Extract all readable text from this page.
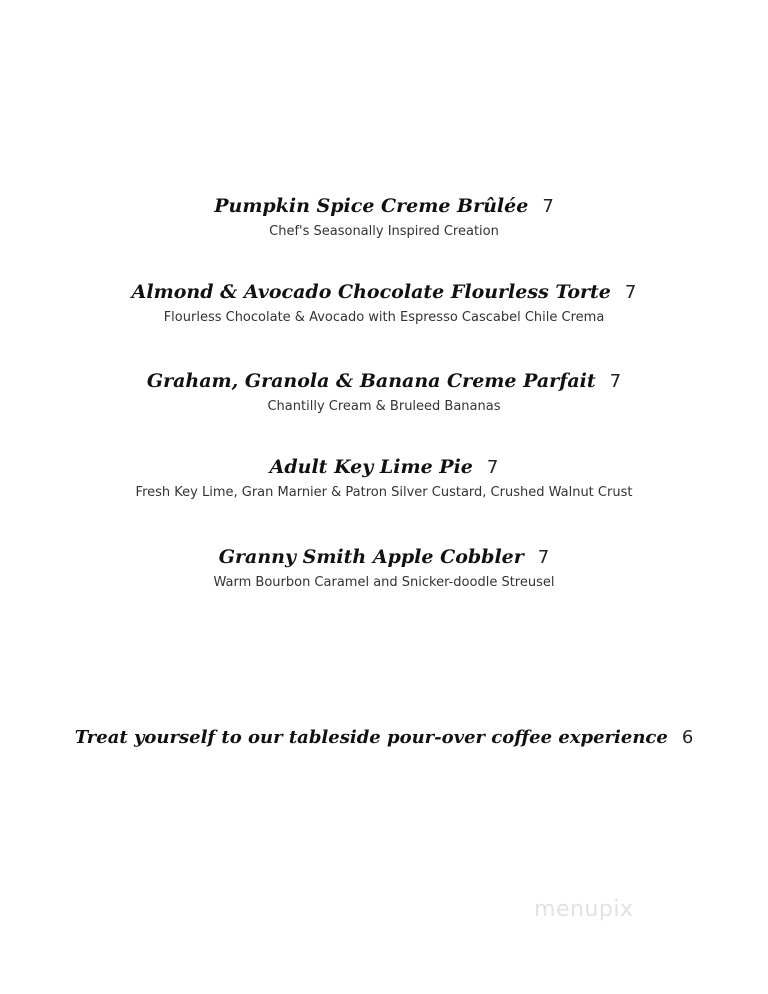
Pumpkin Spice Creme Brûlée 7
Chef's Seasonally Inspired Creation
Almond & Avocado Chocolate Flourless Torte 7
Flourless Chocolate & Avocado with Espresso Cascabel Chile Crema
Graham, Granola & Banana Creme Parfait 7
Chantilly Cream & Bruleed Bananas
Adult Key Lime Pie 7
Fresh Key Lime, Gran Marnier & Patron Silver Custard, Crushed Walnut Crust
Granny Smith Apple Cobbler 7
Warm Bourbon Caramel and Snicker-doodle Streusel
Treat yourself to our tableside pour-over coffee experience 6
menupix
